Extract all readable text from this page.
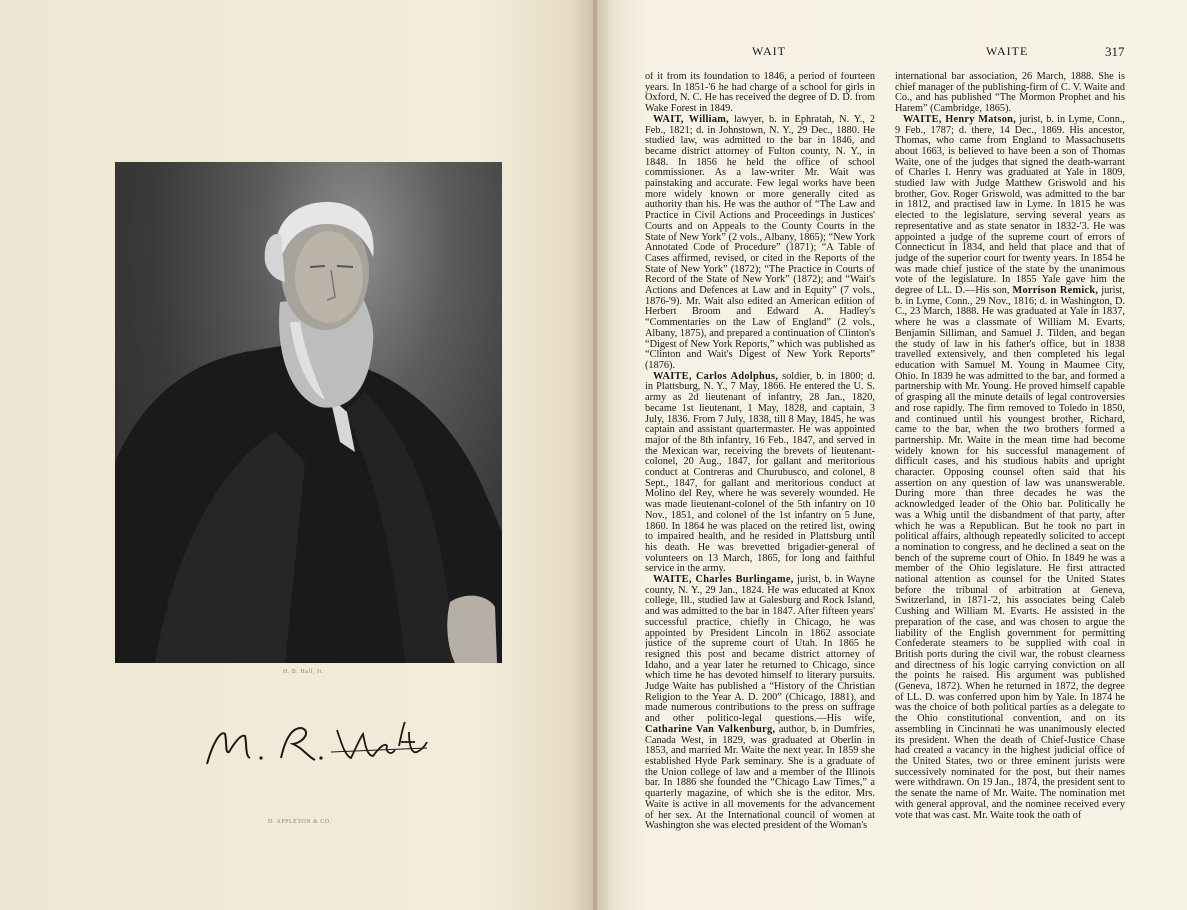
H. B. Hall, Jr.
D. APPLETON & CO.
WAIT	WAITE	317

of it from its foundation to 1846, a period of fourteen years. In 1851-'6 he had charge of a school for girls in Oxford, N. C. He has received the degree of D. D. from Wake Forest in 1849.

WAIT, William, lawyer, b. in Ephratah, N. Y., 2 Feb., 1821; d. in Johnstown, N. Y., 29 Dec., 1880. He studied law, was admitted to the bar in 1846, and became district attorney of Fulton county, N. Y., in 1848. In 1856 he held the office of school commissioner. As a law-writer Mr. Wait was painstaking and accurate. Few legal works have been more widely known or more generally cited as authority than his. He was the author of “The Law and Practice in Civil Actions and Proceedings in Justices' Courts and on Appeals to the County Courts in the State of New York” (2 vols., Albany, 1865); “New York Annotated Code of Procedure” (1871); “A Table of Cases affirmed, revised, or cited in the Reports of the State of New York” (1872); “The Practice in Courts of Record of the State of New York” (1872); and “Wait's Actions and Defences at Law and in Equity” (7 vols., 1876-'9). Mr. Wait also edited an American edition of Herbert Broom and Edward A. Hadley's “Commentaries on the Law of England” (2 vols., Albany, 1875), and prepared a continuation of Clinton's “Digest of New York Reports,” which was published as “Clinton and Wait's Digest of New York Reports” (1876).

WAITE, Carlos Adolphus, soldier, b. in 1800; d. in Plattsburg, N. Y., 7 May, 1866. He entered the U. S. army as 2d lieutenant of infantry, 28 Jan., 1820, became 1st lieutenant, 1 May, 1828, and captain, 3 July, 1836. From 7 July, 1838, till 8 May, 1845, he was captain and assistant quartermaster. He was appointed major of the 8th infantry, 16 Feb., 1847, and served in the Mexican war, receiving the brevets of lieutenant-colonel, 20 Aug., 1847, for gallant and meritorious conduct at Contreras and Churubusco, and colonel, 8 Sept., 1847, for gallant and meritorious conduct at Molino del Rey, where he was severely wounded. He was made lieutenant-colonel of the 5th infantry on 10 Nov., 1851, and colonel of the 1st infantry on 5 June, 1860. In 1864 he was placed on the retired list, owing to impaired health, and he resided in Plattsburg until his death. He was brevetted brigadier-general of volunteers on 13 March, 1865, for long and faithful service in the army.

WAITE, Charles Burlingame, jurist, b. in Wayne county, N. Y., 29 Jan., 1824. He was educated at Knox college, Ill., studied law at Galesburg and Rock Island, and was admitted to the bar in 1847. After fifteen years' successful practice, chiefly in Chicago, he was appointed by President Lincoln in 1862 associate justice of the supreme court of Utah. In 1865 he resigned this post and became district attorney of Idaho, and a year later he returned to Chicago, since which time he has devoted himself to literary pursuits. Judge Waite has published a “History of the Christian Religion to the Year A. D. 200” (Chicago, 1881), and made numerous contributions to the press on suffrage and other politico-legal questions.—His wife, Catharine Van Valkenburg, author, b. in Dumfries, Canada West, in 1829, was graduated at Oberlin in 1853, and married Mr. Waite the next year. In 1859 she established Hyde Park seminary. She is a graduate of the Union college of law and a member of the Illinois bar. In 1886 she founded the “Chicago Law Times,” a quarterly magazine, of which she is the editor. Mrs. Waite is active in all movements for the advancement of her sex. At the International council of women at Washington she was elected president of the Woman's

international bar association, 26 March, 1888. She is chief manager of the publishing-firm of C. V. Waite and Co., and has published “The Mormon Prophet and his Harem” (Cambridge, 1865).

WAITE, Henry Matson, jurist, b. in Lyme, Conn., 9 Feb., 1787; d. there, 14 Dec., 1869. His ancestor, Thomas, who came from England to Massachusetts about 1663, is believed to have been a son of Thomas Waite, one of the judges that signed the death-warrant of Charles I. Henry was graduated at Yale in 1809, studied law with Judge Matthew Griswold and his brother, Gov. Roger Griswold, was admitted to the bar in 1812, and practised law in Lyme. In 1815 he was elected to the legislature, serving several years as representative and as state senator in 1832-'3. He was appointed a judge of the supreme court of errors of Connecticut in 1834, and held that place and that of judge of the superior court for twenty years. In 1854 he was made chief justice of the state by the unanimous vote of the legislature. In 1855 Yale gave him the degree of LL. D.—His son, Morrison Remick, jurist, b. in Lyme, Conn., 29 Nov., 1816; d. in Washington, D. C., 23 March, 1888. He was graduated at Yale in 1837, where he was a classmate of William M. Evarts, Benjamin Silliman, and Samuel J. Tilden, and began the study of law in his father's office, but in 1838 travelled extensively, and then completed his legal education with Samuel M. Young in Maumee City, Ohio. In 1839 he was admitted to the bar, and formed a partnership with Mr. Young. He proved himself capable of grasping all the minute details of legal controversies and rose rapidly. The firm removed to Toledo in 1850, and continued until his youngest brother, Richard, came to the bar, when the two brothers formed a partnership. Mr. Waite in the mean time had become widely known for his successful management of difficult cases, and his studious habits and upright character. Opposing counsel often said that his assertion on any question of law was unanswerable. During more than three decades he was the acknowledged leader of the Ohio bar. Politically he was a Whig until the disbandment of that party, after which he was a Republican. But he took no part in political affairs, although repeatedly solicited to accept a nomination to congress, and he declined a seat on the bench of the supreme court of Ohio. In 1849 he was a member of the Ohio legislature. He first attracted national attention as counsel for the United States before the tribunal of arbitration at Geneva, Switzerland, in 1871-'2, his associates being Caleb Cushing and William M. Evarts. He assisted in the preparation of the case, and was chosen to argue the liability of the English government for permitting Confederate steamers to be supplied with coal in British ports during the civil war, the robust clearness and directness of his logic carrying conviction on all the points he raised. His argument was published (Geneva, 1872). When he returned in 1872, the degree of LL. D. was conferred upon him by Yale. In 1874 he was the choice of both political parties as a delegate to the Ohio constitutional convention, and on its assembling in Cincinnati he was unanimously elected its president. When the death of Chief-Justice Chase had created a vacancy in the highest judicial office of the United States, two or three eminent jurists were successively nominated for the post, but their names were withdrawn. On 19 Jan., 1874, the president sent to the senate the name of Mr. Waite. The nomination met with general approval, and the nominee received every vote that was cast. Mr. Waite took the oath of
